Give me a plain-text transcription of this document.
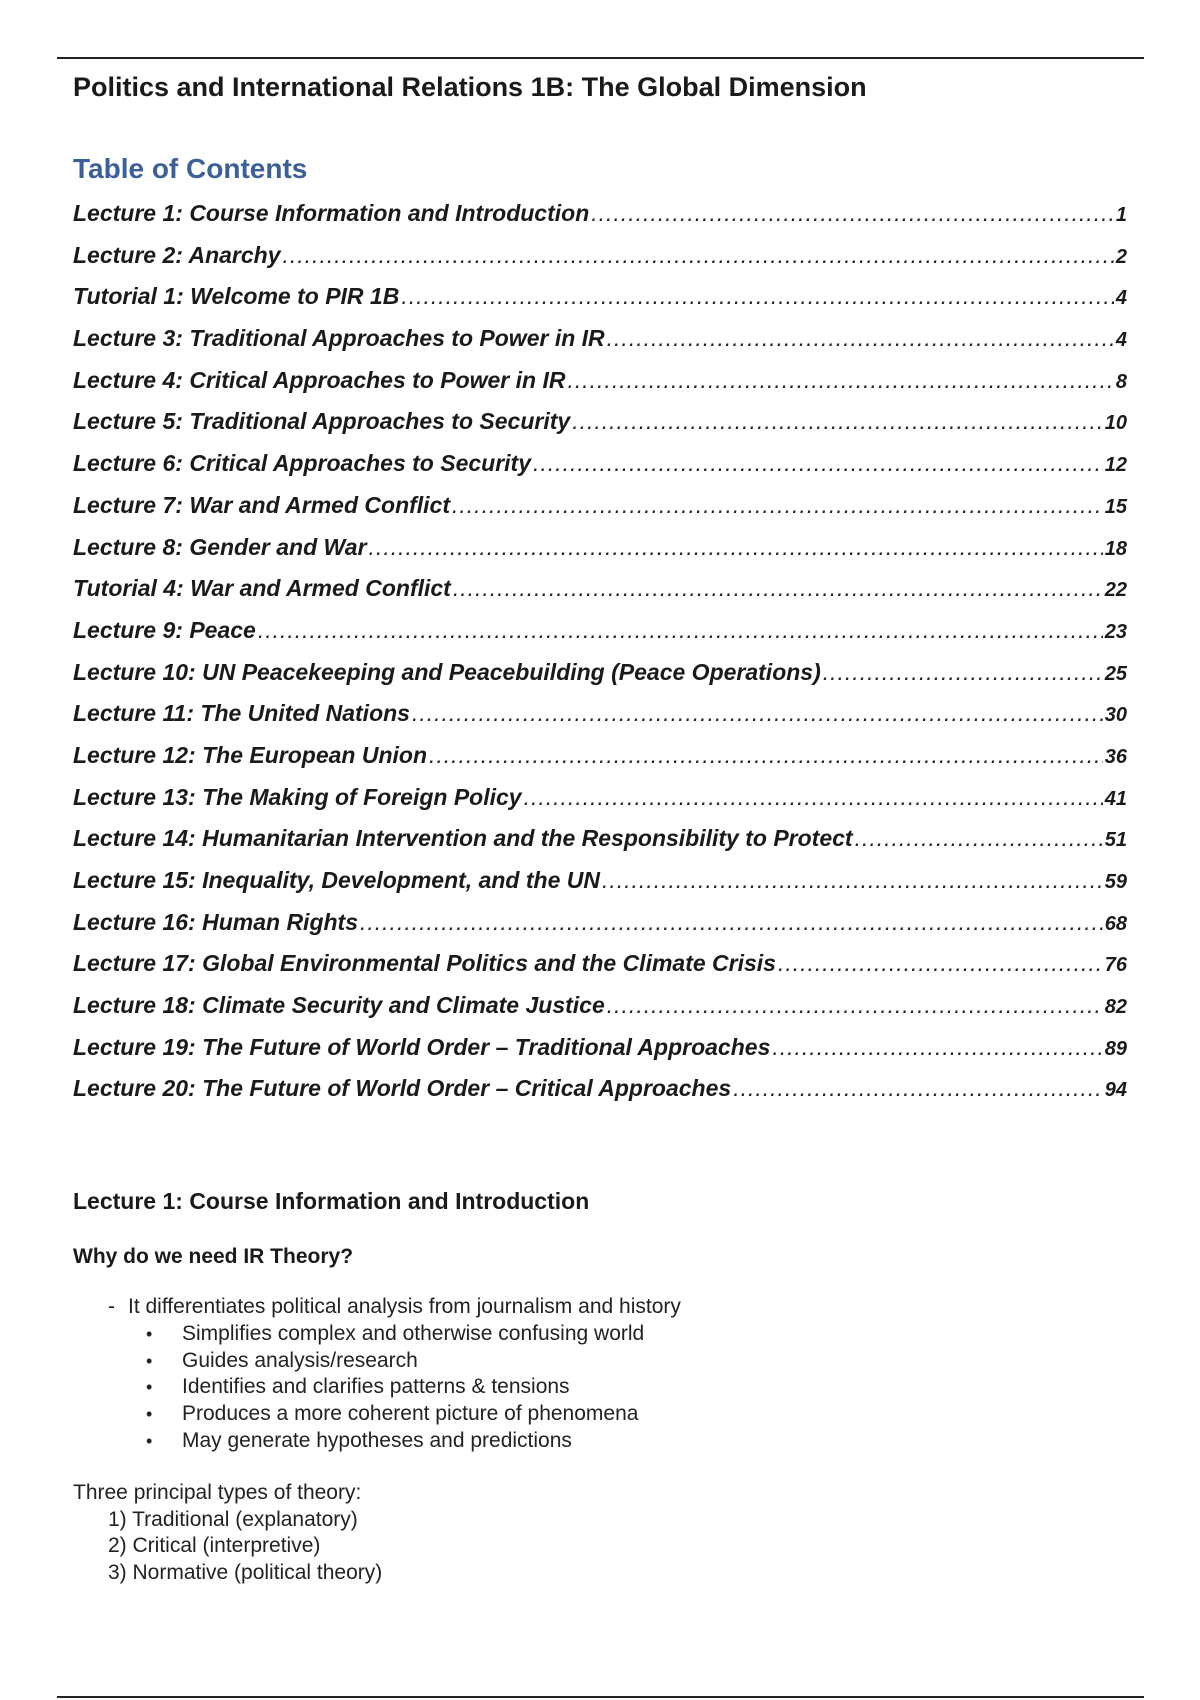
Politics and International Relations 1B: The Global Dimension
Table of Contents
Lecture 1: Course Information and Introduction .....	1
Lecture 2: Anarchy .....	2
Tutorial 1: Welcome to PIR 1B .....	4
Lecture 3: Traditional Approaches to Power in IR .....	4
Lecture 4: Critical Approaches to Power in IR .....	8
Lecture 5: Traditional Approaches to Security .....	10
Lecture 6: Critical Approaches to Security .....	12
Lecture 7: War and Armed Conflict .....	15
Lecture 8: Gender and War .....	18
Tutorial 4: War and Armed Conflict .....	22
Lecture 9: Peace .....	23
Lecture 10: UN Peacekeeping and Peacebuilding (Peace Operations) .....	25
Lecture 11: The United Nations .....	30
Lecture 12: The European Union .....	36
Lecture 13: The Making of Foreign Policy .....	41
Lecture 14: Humanitarian Intervention and the Responsibility to Protect .....	51
Lecture 15: Inequality, Development, and the UN .....	59
Lecture 16: Human Rights .....	68
Lecture 17: Global Environmental Politics and the Climate Crisis .....	76
Lecture 18: Climate Security and Climate Justice .....	82
Lecture 19: The Future of World Order – Traditional Approaches .....	89
Lecture 20: The Future of World Order – Critical Approaches .....	94
Lecture 1: Course Information and Introduction
Why do we need IR Theory?
- It differentiates political analysis from journalism and history
• Simplifies complex and otherwise confusing world
• Guides analysis/research
• Identifies and clarifies patterns & tensions
• Produces a more coherent picture of phenomena
• May generate hypotheses and predictions
Three principal types of theory:
1) Traditional (explanatory)
2) Critical (interpretive)
3) Normative (political theory)
